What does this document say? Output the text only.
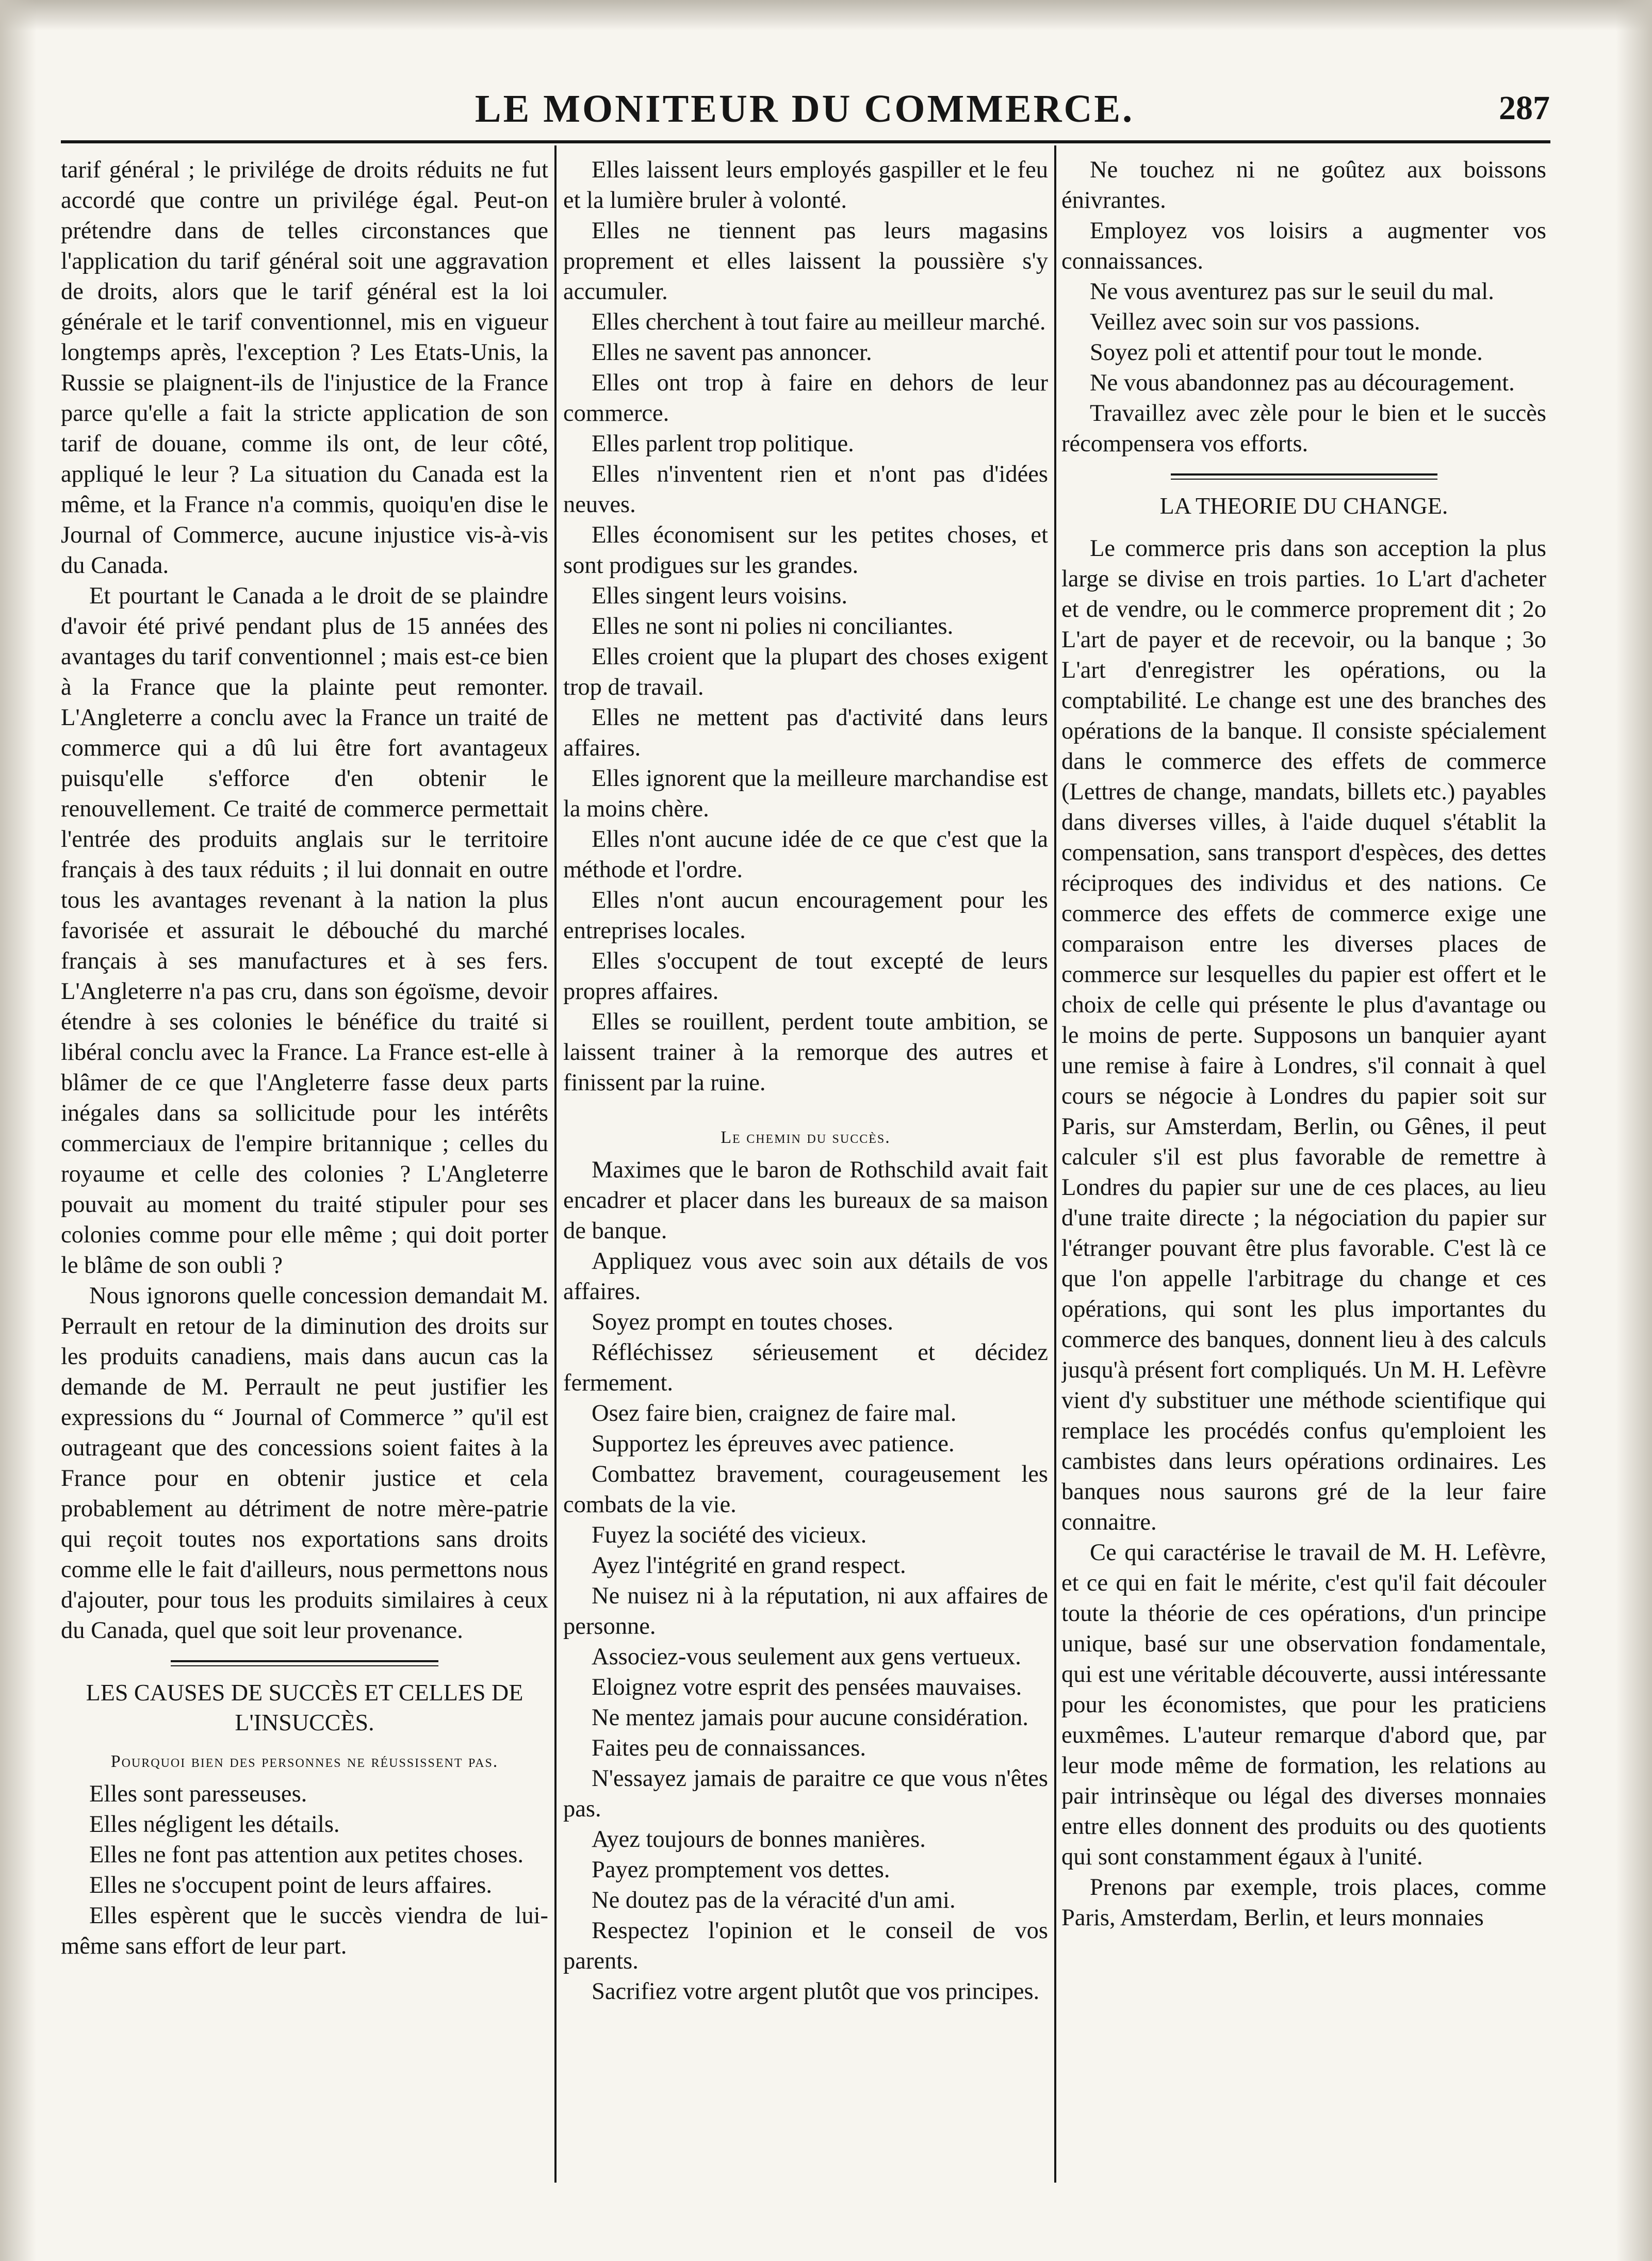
LE MONITEUR DU COMMERCE.	287

tarif général ; le privilége de droits réduits ne fut accordé que contre un privilége égal. Peut-on prétendre dans de telles circonstances que l'application du tarif général soit une aggravation de droits, alors que le tarif général est la loi générale et le tarif conventionnel, mis en vigueur longtemps après, l'exception ? Les Etats-Unis, la Russie se plaignent-ils de l'injustice de la France parce qu'elle a fait la stricte application de son tarif de douane, comme ils ont, de leur côté, appliqué le leur ? La situation du Canada est la même, et la France n'a commis, quoiqu'en dise le Journal of Commerce, aucune injustice vis-à-vis du Canada.

Et pourtant le Canada a le droit de se plaindre d'avoir été privé pendant plus de 15 années des avantages du tarif conventionnel ; mais est-ce bien à la France que la plainte peut remonter. L'Angleterre a conclu avec la France un traité de commerce qui a dû lui être fort avantageux puisqu'elle s'efforce d'en obtenir le renouvellement. Ce traité de commerce permettait l'entrée des produits anglais sur le territoire français à des taux réduits ; il lui donnait en outre tous les avantages revenant à la nation la plus favorisée et assurait le débouché du marché français à ses manufactures et à ses fers. L'Angleterre n'a pas cru, dans son égoïsme, devoir étendre à ses colonies le bénéfice du traité si libéral conclu avec la France. La France est-elle à blâmer de ce que l'Angleterre fasse deux parts inégales dans sa sollicitude pour les intérêts commerciaux de l'empire britannique ; celles du royaume et celle des colonies ? L'Angleterre pouvait au moment du traité stipuler pour ses colonies comme pour elle même ; qui doit porter le blâme de son oubli ?

Nous ignorons quelle concession demandait M. Perrault en retour de la diminution des droits sur les produits canadiens, mais dans aucun cas la demande de M. Perrault ne peut justifier les expressions du “ Journal of Commerce ” qu'il est outrageant que des concessions soient faites à la France pour en obtenir justice et cela probablement au détriment de notre mère-patrie qui reçoit toutes nos exportations sans droits comme elle le fait d'ailleurs, nous permettons nous d'ajouter, pour tous les produits similaires à ceux du Canada, quel que soit leur provenance.

LES CAUSES DE SUCCÈS ET CELLES DE L'INSUCCÈS.
Pourquoi bien des personnes ne réussissent pas.
Elles sont paresseuses.
Elles négligent les détails.
Elles ne font pas attention aux petites choses.
Elles ne s'occupent point de leurs affaires.
Elles espèrent que le succès viendra de lui-même sans effort de leur part.
Elles laissent leurs employés gaspiller et le feu et la lumière bruler à volonté.
Elles ne tiennent pas leurs magasins proprement et elles laissent la poussière s'y accumuler.
Elles cherchent à tout faire au meilleur marché.
Elles ne savent pas annoncer.
Elles ont trop à faire en dehors de leur commerce.
Elles parlent trop politique.
Elles n'inventent rien et n'ont pas d'idées neuves.
Elles économisent sur les petites choses, et sont prodigues sur les grandes.
Elles singent leurs voisins.
Elles ne sont ni polies ni conciliantes.
Elles croient que la plupart des choses exigent trop de travail.
Elles ne mettent pas d'activité dans leurs affaires.
Elles ignorent que la meilleure marchandise est la moins chère.
Elles n'ont aucune idée de ce que c'est que la méthode et l'ordre.
Elles n'ont aucun encouragement pour les entreprises locales.
Elles s'occupent de tout excepté de leurs propres affaires.
Elles se rouillent, perdent toute ambition, se laissent trainer à la remorque des autres et finissent par la ruine.
Le chemin du succès.

Maximes que le baron de Rothschild avait fait encadrer et placer dans les bureaux de sa maison de banque.

Appliquez vous avec soin aux détails de vos affaires.
Soyez prompt en toutes choses.
Réfléchissez sérieusement et décidez fermement.
Osez faire bien, craignez de faire mal.
Supportez les épreuves avec patience.
Combattez bravement, courageusement les combats de la vie.
Fuyez la société des vicieux.
Ayez l'intégrité en grand respect.
Ne nuisez ni à la réputation, ni aux affaires de personne.
Associez-vous seulement aux gens vertueux.
Eloignez votre esprit des pensées mauvaises.
Ne mentez jamais pour aucune considération.
Faites peu de connaissances.
N'essayez jamais de paraitre ce que vous n'êtes pas.
Ayez toujours de bonnes manières.
Payez promptement vos dettes.
Ne doutez pas de la véracité d'un ami.
Respectez l'opinion et le conseil de vos parents.
Sacrifiez votre argent plutôt que vos principes.
Ne touchez ni ne goûtez aux boissons énivrantes.
Employez vos loisirs a augmenter vos connaissances.
Ne vous aventurez pas sur le seuil du mal.
Veillez avec soin sur vos passions.
Soyez poli et attentif pour tout le monde.
Ne vous abandonnez pas au découragement.
Travaillez avec zèle pour le bien et le succès récompensera vos efforts.
LA THEORIE DU CHANGE.

Le commerce pris dans son acception la plus large se divise en trois parties. 1o L'art d'acheter et de vendre, ou le commerce proprement dit ; 2o L'art de payer et de recevoir, ou la banque ; 3o L'art d'enregistrer les opérations, ou la comptabilité. Le change est une des branches des opérations de la banque. Il consiste spécialement dans le commerce des effets de commerce (Lettres de change, mandats, billets etc.) payables dans diverses villes, à l'aide duquel s'établit la compensation, sans transport d'espèces, des dettes réciproques des individus et des nations. Ce commerce des effets de commerce exige une comparaison entre les diverses places de commerce sur lesquelles du papier est offert et le choix de celle qui présente le plus d'avantage ou le moins de perte. Supposons un banquier ayant une remise à faire à Londres, s'il connait à quel cours se négocie à Londres du papier soit sur Paris, sur Amsterdam, Berlin, ou Gênes, il peut calculer s'il est plus favorable de remettre à Londres du papier sur une de ces places, au lieu d'une traite directe ; la négociation du papier sur l'étranger pouvant être plus favorable. C'est là ce que l'on appelle l'arbitrage du change et ces opérations, qui sont les plus importantes du commerce des banques, donnent lieu à des calculs jusqu'à présent fort compliqués. Un M. H. Lefèvre vient d'y substituer une méthode scientifique qui remplace les procédés confus qu'emploient les cambistes dans leurs opérations ordinaires. Les banques nous saurons gré de la leur faire connaitre.

Ce qui caractérise le travail de M. H. Lefèvre, et ce qui en fait le mérite, c'est qu'il fait découler toute la théorie de ces opérations, d'un principe unique, basé sur une observation fondamentale, qui est une véritable découverte, aussi intéressante pour les économistes, que pour les praticiens euxmêmes. L'auteur remarque d'abord que, par leur mode même de formation, les relations au pair intrinsèque ou légal des diverses monnaies entre elles donnent des produits ou des quotients qui sont constamment égaux à l'unité.

Prenons par exemple, trois places, comme Paris, Amsterdam, Berlin, et leurs monnaies
